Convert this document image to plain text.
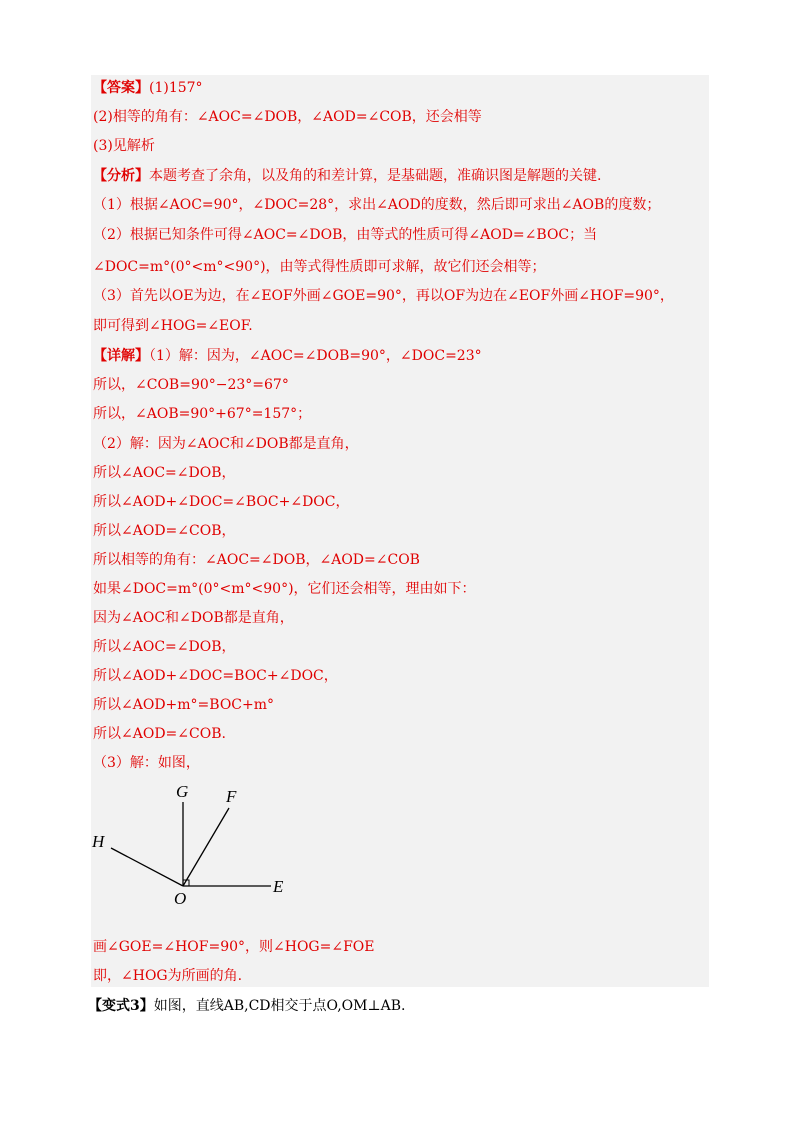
【答案】(1)157°
(2)相等的角有：∠AOC=∠DOB，∠AOD=∠COB，还会相等
(3)见解析
【分析】本题考查了余角，以及角的和差计算，是基础题，准确识图是解题的关键.
（1）根据∠AOC=90°，∠DOC=28°，求出∠AOD的度数，然后即可求出∠AOB的度数；
（2）根据已知条件可得∠AOC=∠DOB，由等式的性质可得∠AOD=∠BOC；当
∠DOC=m°(0°<m°<90°)，由等式得性质即可求解，故它们还会相等；
（3）首先以OE为边，在∠EOF外画∠GOE=90°，再以OF为边在∠EOF外画∠HOF=90°，
即可得到∠HOG=∠EOF.
【详解】（1）解：因为，∠AOC=∠DOB=90°，∠DOC=23°
所以，∠COB=90°−23°=67°
所以，∠AOB=90°+67°=157°；
（2）解：因为∠AOC和∠DOB都是直角，
所以∠AOC=∠DOB，
所以∠AOD+∠DOC=∠BOC+∠DOC，
所以∠AOD=∠COB，
所以相等的角有：∠AOC=∠DOB，∠AOD=∠COB
如果∠DOC=m°(0°<m°<90°)，它们还会相等，理由如下：
因为∠AOC和∠DOB都是直角，
所以∠AOC=∠DOB，
所以∠AOD+∠DOC=BOC+∠DOC，
所以∠AOD+m°=BOC+m°
所以∠AOD=∠COB.
（3）解：如图，
G F
H
O
E
画∠GOE=∠HOF=90°，则∠HOG=∠FOE
即，∠HOG为所画的角.
【变式3】如图，直线AB,CD相交于点O,OM⊥AB.
